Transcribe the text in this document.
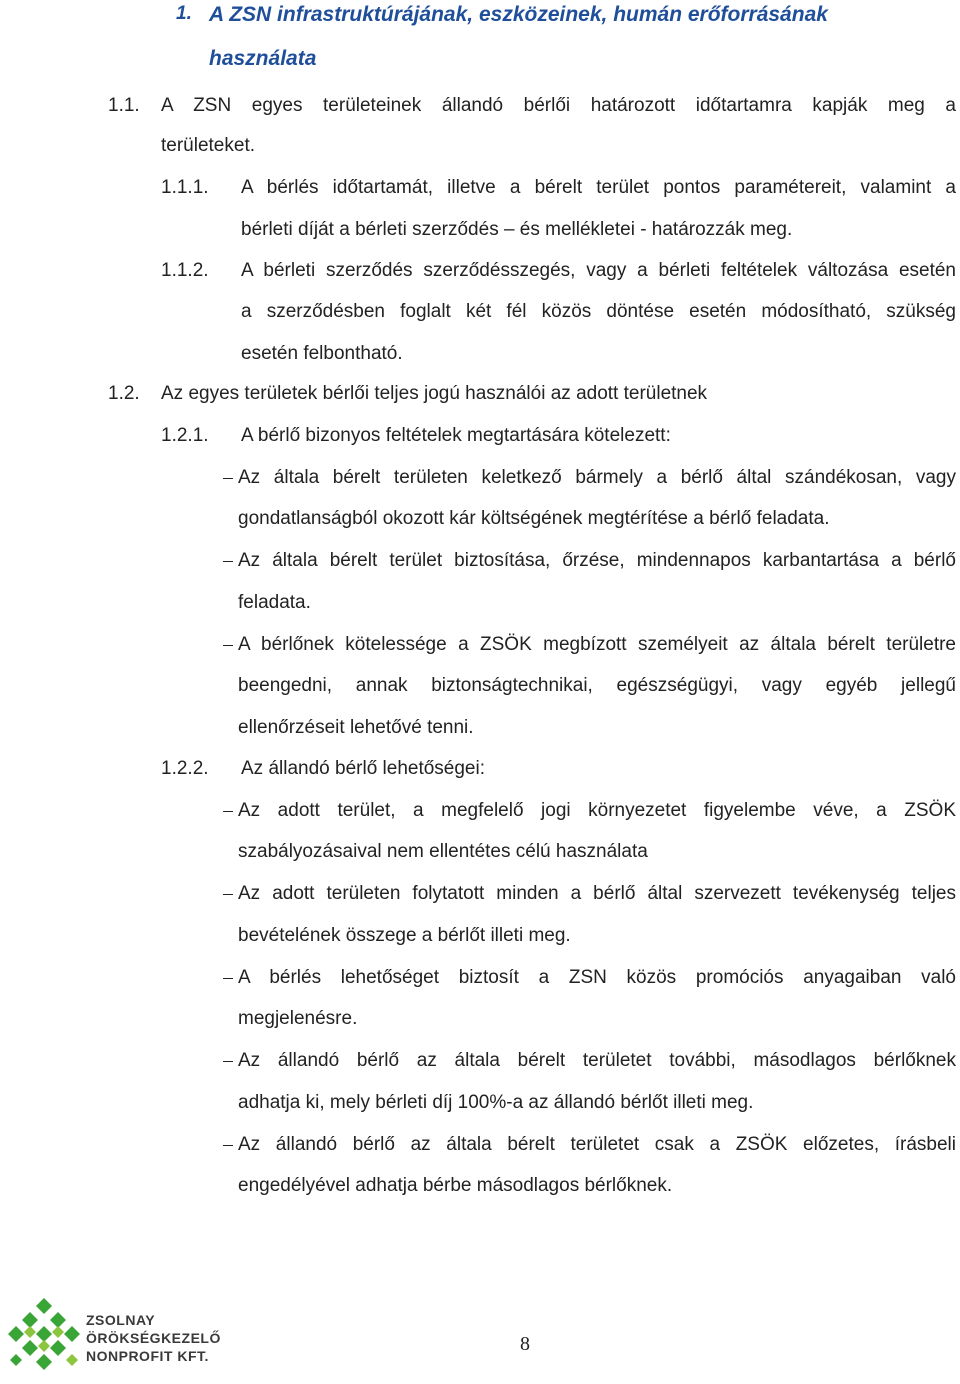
1. A ZSN infrastruktúrájának, eszközeinek, humán erőforrásának
használata
1.1. A ZSN egyes területeinek állandó bérlői határozott időtartamra kapják meg a
területeket.
1.1.1. A bérlés időtartamát, illetve a bérelt terület pontos paramétereit, valamint a
bérleti díját a bérleti szerződés – és mellékletei - határozzák meg.
1.1.2. A bérleti szerződés szerződésszegés, vagy a bérleti feltételek változása esetén
a szerződésben foglalt két fél közös döntése esetén módosítható, szükség
esetén felbontható.
1.2. Az egyes területek bérlői teljes jogú használói az adott területnek
1.2.1. A bérlő bizonyos feltételek megtartására kötelezett:
Az általa bérelt területen keletkező bármely a bérlő által szándékosan, vagy
gondatlanságból okozott kár költségének megtérítése a bérlő feladata.
Az általa bérelt terület biztosítása, őrzése, mindennapos karbantartása a bérlő
feladata.
A bérlőnek kötelessége a ZSÖK megbízott személyeit az általa bérelt területre
beengedni, annak biztonságtechnikai, egészségügyi, vagy egyéb jellegű
ellenőrzéseit lehetővé tenni.
1.2.2. Az állandó bérlő lehetőségei:
Az adott terület, a megfelelő jogi környezetet figyelembe véve, a ZSÖK
szabályozásaival nem ellentétes célú használata
Az adott területen folytatott minden a bérlő által szervezett tevékenység teljes
bevételének összege a bérlőt illeti meg.
A bérlés lehetőséget biztosít a ZSN közös promóciós anyagaiban való
megjelenésre.
Az állandó bérlő az általa bérelt területet további, másodlagos bérlőknek
adhatja ki, mely bérleti díj 100%-a az állandó bérlőt illeti meg.
Az állandó bérlő az általa bérelt területet csak a ZSÖK előzetes, írásbeli
engedélyével adhatja bérbe másodlagos bérlőknek.
ZSOLNAY
ÖRÖKSÉGKEZELŐ
NONPROFIT KFT.
8
